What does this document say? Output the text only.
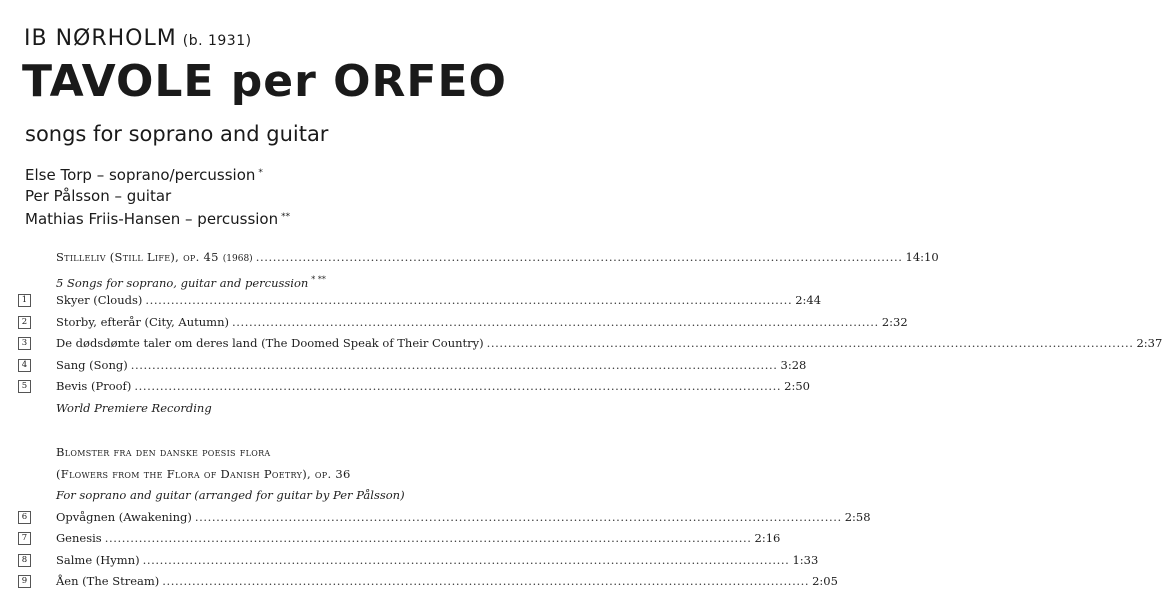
IB NØRHOLM (b. 1931)
TAVOLE per ORFEO
songs for soprano and guitar
Else Torp – soprano/percussion *
Per Pålsson – guitar
Mathias Friis-Hansen – percussion **
Stilleliv (Still Life), op. 45 (1968) ........................................................................................................................................................ 14:10
5 Songs for soprano, guitar and percussion * **
1	Skyer (Clouds) ........................................................................................................................................................ 2:44
2	Storby, efterår (City, Autumn) ........................................................................................................................................................ 2:32
3	De dødsdømte taler om deres land (The Doomed Speak of Their Country) ........................................................................................................................................................ 2:37
4	Sang (Song) ........................................................................................................................................................ 3:28
5	Bevis (Proof) ........................................................................................................................................................ 2:50
World Premiere Recording
Blomster fra den danske poesis flora
(Flowers from the Flora of Danish Poetry), op. 36
For soprano and guitar (arranged for guitar by Per Pålsson)
6	Opvågnen (Awakening) ........................................................................................................................................................ 2:58
7	Genesis ........................................................................................................................................................ 2:16
8	Salme (Hymn) ........................................................................................................................................................ 1:33
9	Åen (The Stream) ........................................................................................................................................................ 2:05
